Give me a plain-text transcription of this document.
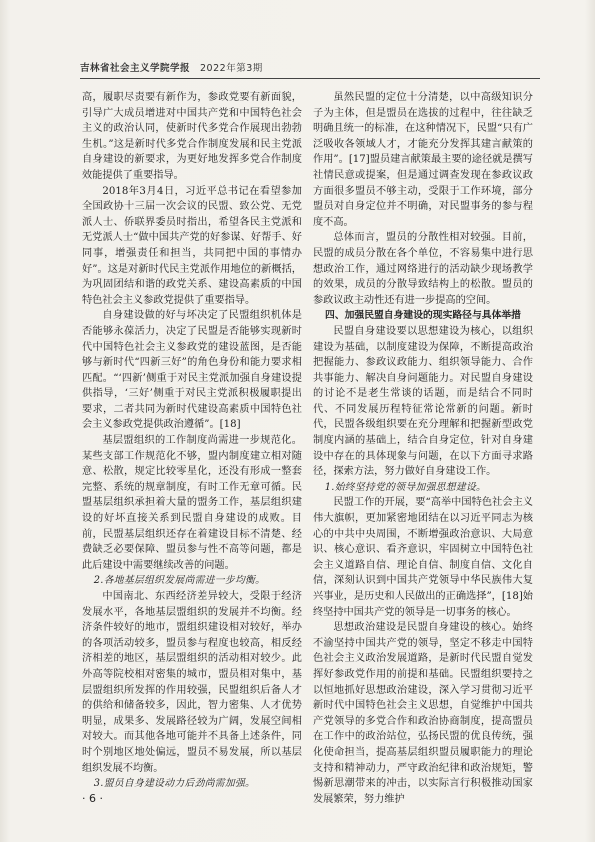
吉林省社会主义学院学报 2022年第3期

高，履职尽责要有新作为，参政党要有新面貌，引导广大成员增进对中国共产党和中国特色社会主义的政治认同，使新时代多党合作展现出勃勃生机。”这是新时代多党合作制度发展和民主党派自身建设的新要求，为更好地发挥多党合作制度效能提供了重要指导。

2018年3月4日，习近平总书记在看望参加全国政协十三届一次会议的民盟、致公党、无党派人士、侨联界委员时指出，希望各民主党派和无党派人士“做中国共产党的好参谋、好帮手、好同事，增强责任和担当，共同把中国的事情办好”。这是对新时代民主党派作用地位的新概括，为巩固团结和谐的政党关系、建设高素质的中国特色社会主义参政党提供了重要指导。

自身建设做的好与坏决定了民盟组织机体是否能够永葆活力，决定了民盟是否能够实现新时代中国特色社会主义参政党的建设蓝图，是否能够与新时代“四新三好”的角色身份和能力要求相匹配。“‘四新’侧重于对民主党派加强自身建设提供指导，‘三好’侧重于对民主党派积极履职提出要求，二者共同为新时代建设高素质中国特色社会主义参政党提供政治遵循”。[18]

基层盟组织的工作制度尚需进一步规范化。某些支部工作规范化不够，盟内制度建立相对随意、松散，规定比较零星化，还没有形成一整套完整、系统的规章制度，有时工作无章可循。民盟基层组织承担着大量的盟务工作，基层组织建设的好坏直接关系到民盟自身建设的成败。目前，民盟基层组织还存在着建设目标不清楚、经费缺乏必要保障、盟员参与性不高等问题，都是此后建设中需要继续改善的问题。

2.各地基层组织发展尚需进一步均衡。

中国南北、东西经济差异较大，受限于经济发展水平，各地基层盟组织的发展并不均衡。经济条件较好的地市，盟组织建设相对较好，举办的各项活动较多，盟员参与程度也较高，相反经济相差的地区，基层盟组织的活动相对较少。此外高等院校相对密集的城市，盟员相对集中，基层盟组织所发挥的作用较强，民盟组织后备人才的供给和储备较多，因此，智力密集、人才优势明显，成果多、发展路径较为广阔，发展空间相对较大。而其他各地可能并不具备上述条件，同时个别地区地处偏远，盟员不易发展，所以基层组织发展不均衡。

3.盟员自身建设动力后劲尚需加强。

虽然民盟的定位十分清楚，以中高级知识分子为主体，但是盟员在选拔的过程中，往往缺乏明确且统一的标准，在这种情况下，民盟“只有广泛吸收各领域人才，才能充分发挥其建言献策的作用”。[17]盟员建言献策最主要的途径就是撰写社情民意或提案，但是通过调查发现在参政议政方面很多盟员不够主动，受限于工作环境，部分盟员对自身定位并不明确，对民盟事务的参与程度不高。

总体而言，盟员的分散性相对较强。目前，民盟的成员分散在各个单位，不容易集中进行思想政治工作，通过网络进行的活动缺少现场教学的效果，成员的分散导致结构上的松散。盟员的参政议政主动性还有进一步提高的空间。

四、加强民盟自身建设的现实路径与具体举措

民盟自身建设要以思想建设为核心，以组织建设为基础，以制度建设为保障，不断提高政治把握能力、参政议政能力、组织领导能力、合作共事能力、解决自身问题能力。对民盟自身建设的讨论不是老生常谈的话题，而是结合不同时代、不同发展历程特征常论常新的问题。新时代，民盟各级组织要在充分理解和把握新型政党制度内涵的基础上，结合自身定位，针对自身建设中存在的具体现象与问题，在以下方面寻求路径，探索方法，努力做好自身建设工作。

1.始终坚持党的领导加强思想建设。

民盟工作的开展，要“高举中国特色社会主义伟大旗帜，更加紧密地团结在以习近平同志为核心的中共中央周围，不断增强政治意识、大局意识、核心意识、看齐意识，牢固树立中国特色社会主义道路自信、理论自信、制度自信、文化自信，深刻认识到中国共产党领导中华民族伟大复兴事业，是历史和人民做出的正确选择”，[18]始终坚持中国共产党的领导是一切事务的核心。

思想政治建设是民盟自身建设的核心。始终不渝坚持中国共产党的领导，坚定不移走中国特色社会主义政治发展道路，是新时代民盟自觉发挥好参政党作用的前提和基础。民盟组织要持之以恒地抓好思想政治建设，深入学习贯彻习近平新时代中国特色社会主义思想，自觉维护中国共产党领导的多党合作和政治协商制度，提高盟员在工作中的政治站位，弘扬民盟的优良传统，强化使命担当，提高基层组织盟员履职能力的理论支持和精神动力，严守政治纪律和政治规矩，警惕新思潮带来的冲击，以实际言行积极推动国家发展繁荣，努力维护

· 6 ·
